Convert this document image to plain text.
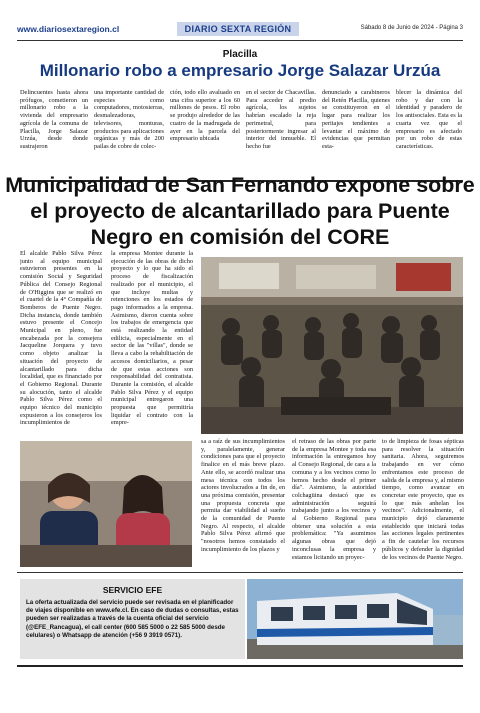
www.diariosextaregion.cl	DIARIO SEXTA REGIÓN	Sábado 8 de Junio de 2024 - Página 3
Placilla
Millonario robo a empresario Jorge Salazar Urzúa
Delincuentes hasta ahora prófugos, cometieron un millonario robo a la vivienda del empresario agrícola de la comuna de Placilla, Jorge Salazar Urzúa, desde donde sustrajeron
una importante cantidad de especies como computadores, motosierras, desmalezadoras, televisores, monturas, productos para aplicaciones orgánicas y más de 200 pailas de cobre de colec-
ción, todo ello avaluado en una cifra superior a los 60 millones de pesos. El robo se produjo alrededor de las cuatro de la madrugada de ayer en la parcela del empresario ubicada
en el sector de Chacavillas. Para acceder al predio agrícola, los sujetos habrían escalado la reja perimetral, para posteriormente ingresar al interior del inmueble. El hecho fue
denunciado a carabineros del Retén Placilla, quienes se constituyeron en el lugar para realizar los peritajes tendientes a levantar el máximo de evidencias que permitan esta-
blecer la dinámica del robo y dar con la identidad y paradero de los antisociales. Esta es la cuarta vez que el empresario es afectado por un robo de estas características.
Municipalidad de San Fernando expone sobre el proyecto de alcantarillado para Puente Negro en comisión del CORE
El alcalde Pablo Silva Pérez junto al equipo municipal estuvieron presentes en la comisión Social y Seguridad Pública del Consejo Regional de O'Higgins que se realizó en el cuartel de la 4° Compañía de Bomberos de Puente Negro. Dicha instancia, donde también estuvo presente el Concejo Municipal en pleno, fue encabezada por la consejera Jacqueline Jorquera y tuvo como objeto analizar la situación del proyecto de alcantarillado para dicha localidad, que es financiado por el Gobierno Regional. Durante su alocución, tanto el alcalde Pablo Silva Pérez como el equipo técnico del municipio expusieron a los consejeros los incumplimientos de
la empresa Montee durante la ejecución de las obras de dicho proyecto y lo que ha sido el proceso de fiscalización realizado por el municipio, el que incluye multas y retenciones en los estados de pago informados a la empresa. Asimismo, dieron cuenta sobre los trabajos de emergencia que está realizando la entidad edilicia, especialmente en el sector de las "villas", donde se lleva a cabo la rehabilitación de accesos domiciliarios, a pesar de que estas acciones son responsabilidad del contratista. Durante la comisión, el alcalde Pablo Silva Pérez y el equipo municipal entregaron una propuesta que permitiría liquidar el contrato con la empre-
sa a raíz de sus incumplimientos y, paralelamente, generar condiciones para que el proyecto finalice en el más breve plazo. Ante ello, se acordó realizar una mesa técnica con todos los actores involucrados a fin de, en una próxima comisión, presentar una propuesta concreta que permita dar viabilidad al sueño de la comunidad de Puente Negro. Al respecto, el alcalde Pablo Silva Pérez afirmó que "nosotros hemos constatado el incumplimiento de los plazos y
el retraso de las obras por parte de la empresa Montee y toda esa información la entregamos hoy al Consejo Regional, de cara a la comuna y a los vecinos como lo hemos hecho desde el primer día". Asimismo, la autoridad colchagüina destacó que es administración seguirá trabajando junto a los vecinos y al Gobierno Regional para obtener una solución a esta problemática: "Ya asumimos algunas obras que dejó inconclusas la empresa y estamos licitando un proyec-
to de limpieza de fosas sépticas para resolver la situación sanitaria. Ahora, seguiremos trabajando en ver cómo enfrentamos este proceso de salida de la empresa y, al mismo tiempo, como avanzar en concretar este proyecto, que es lo que más anhelan los vecinos". Adicionalmente, el municipio dejó claramente establecido que iniciará todas las acciones legales pertinentes a fin de cautelar los recursos públicos y defender la dignidad de los vecinos de Puente Negro.
SERVICIO EFE
La oferta actualizada del servicio puede ser revisada en el planificador de viajes disponible en www.efe.cl. En caso de dudas o consultas, estas pueden ser realizadas a través de la cuenta oficial del servicio (@EFE_Rancagua), el call center (600 585 5000 o 22 585 5000 desde celulares) o Whatsapp de atención (+56 9 3919 0571).
